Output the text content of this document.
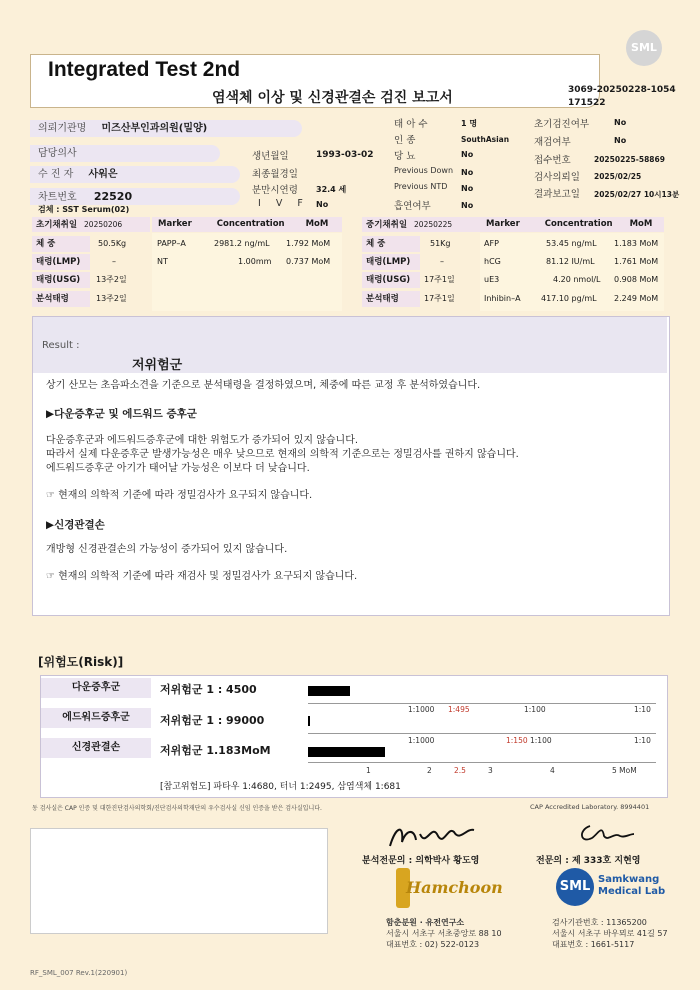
SML
Integrated Test 2nd
염색체 이상 및 신경관결손 검진 보고서	3069-20250228-1054
171522
의뢰기관명 미즈산부인과의원(밀양)
담당의사
수 진 자 사워은
차트번호 22520
검체 : SST Serum(02)
생년월일	1993-03-02
최종월경일
분만시연령 32.4 세
I V F No
태 아 수	1 명
인 종	SouthAsian
당 뇨	No
Previous Down No
Previous NTD No
흡연여부	No
초기검진여부	No
재검여부	No
접수번호	20250225-58869
검사의뢰일 2025/02/25
결과보고일 2025/02/27 10시13분
초기채취일 20250206	Marker	Concentration MoM
체 중	50.5Kg
태령(LMP)	–
태령(USG)	13주2일
분석태령	13주2일
PAPP–A	2981.2 ng/mL 1.792 MoM
NT	1.00mm 0.737 MoM
중기채취일 20250225	Marker	Concentration MoM
체 중	51Kg
태령(LMP)	–
태령(USG)	17주1일
분석태령	17주1일
AFP	53.45 ng/mL 1.183 MoM
hCG	81.12 IU/mL 1.761 MoM
uE3	4.20 nmol/L 0.908 MoM
Inhibin–A	417.10 pg/mL 2.249 MoM
Result :
저위험군
상기 산모는 초음파소견을 기준으로 분석태령을 결정하였으며, 체중에 따른 교정 후 분석하였습니다.
▶다운증후군 및 에드워드 증후군
다운증후군과 에드워드증후군에 대한 위험도가 증가되어 있지 않습니다.
따라서 실제 다운증후군 발생가능성은 매우 낮으므로 현재의 의학적 기준으로는 정밀검사를 권하지 않습니다.
에드워드증후군 아기가 태어날 가능성은 이보다 더 낮습니다.
☞ 현재의 의학적 기준에 따라 정밀검사가 요구되지 않습니다.
▶신경관결손
개방형 신경관결손의 가능성이 증가되어 있지 않습니다.
☞ 현재의 의학적 기준에 따라 재검사 및 정밀검사가 요구되지 않습니다.
[위험도(Risk)]
다운증후군	저위험군 1 : 4500
에드워드증후군	저위험군 1 : 99000
신경관결손	저위험군 1.183MoM
1:1000 1:495	1:100	1:10
1:1000	1:150 1:100	1:10
1	2	2.5	3	4	5 MoM
[참고위험도] 파타우 1:4680, 터너 1:2495, 삼염색체 1:681
동 검사실은 CAP 인증 및 대한진단검사의학회/진단검사의학재단의 우수검사실 신임 인증을 받은 검사실입니다.	CAP Accredited Laboratory. 8994401
분석전문의 : 의학박사 황도영	전문의 : 제 333호 지현영
Hamchoon	SML Samkwang
Medical Lab
함춘분원 · 유전연구소
서울시 서초구 서초중앙로 88 10
대표번호 : 02) 522-0123
검사기관번호 : 11365200
서울시 서초구 바우뫼로 41길 57
대표번호 : 1661-5117
RF_SML_007 Rev.1(220901)
